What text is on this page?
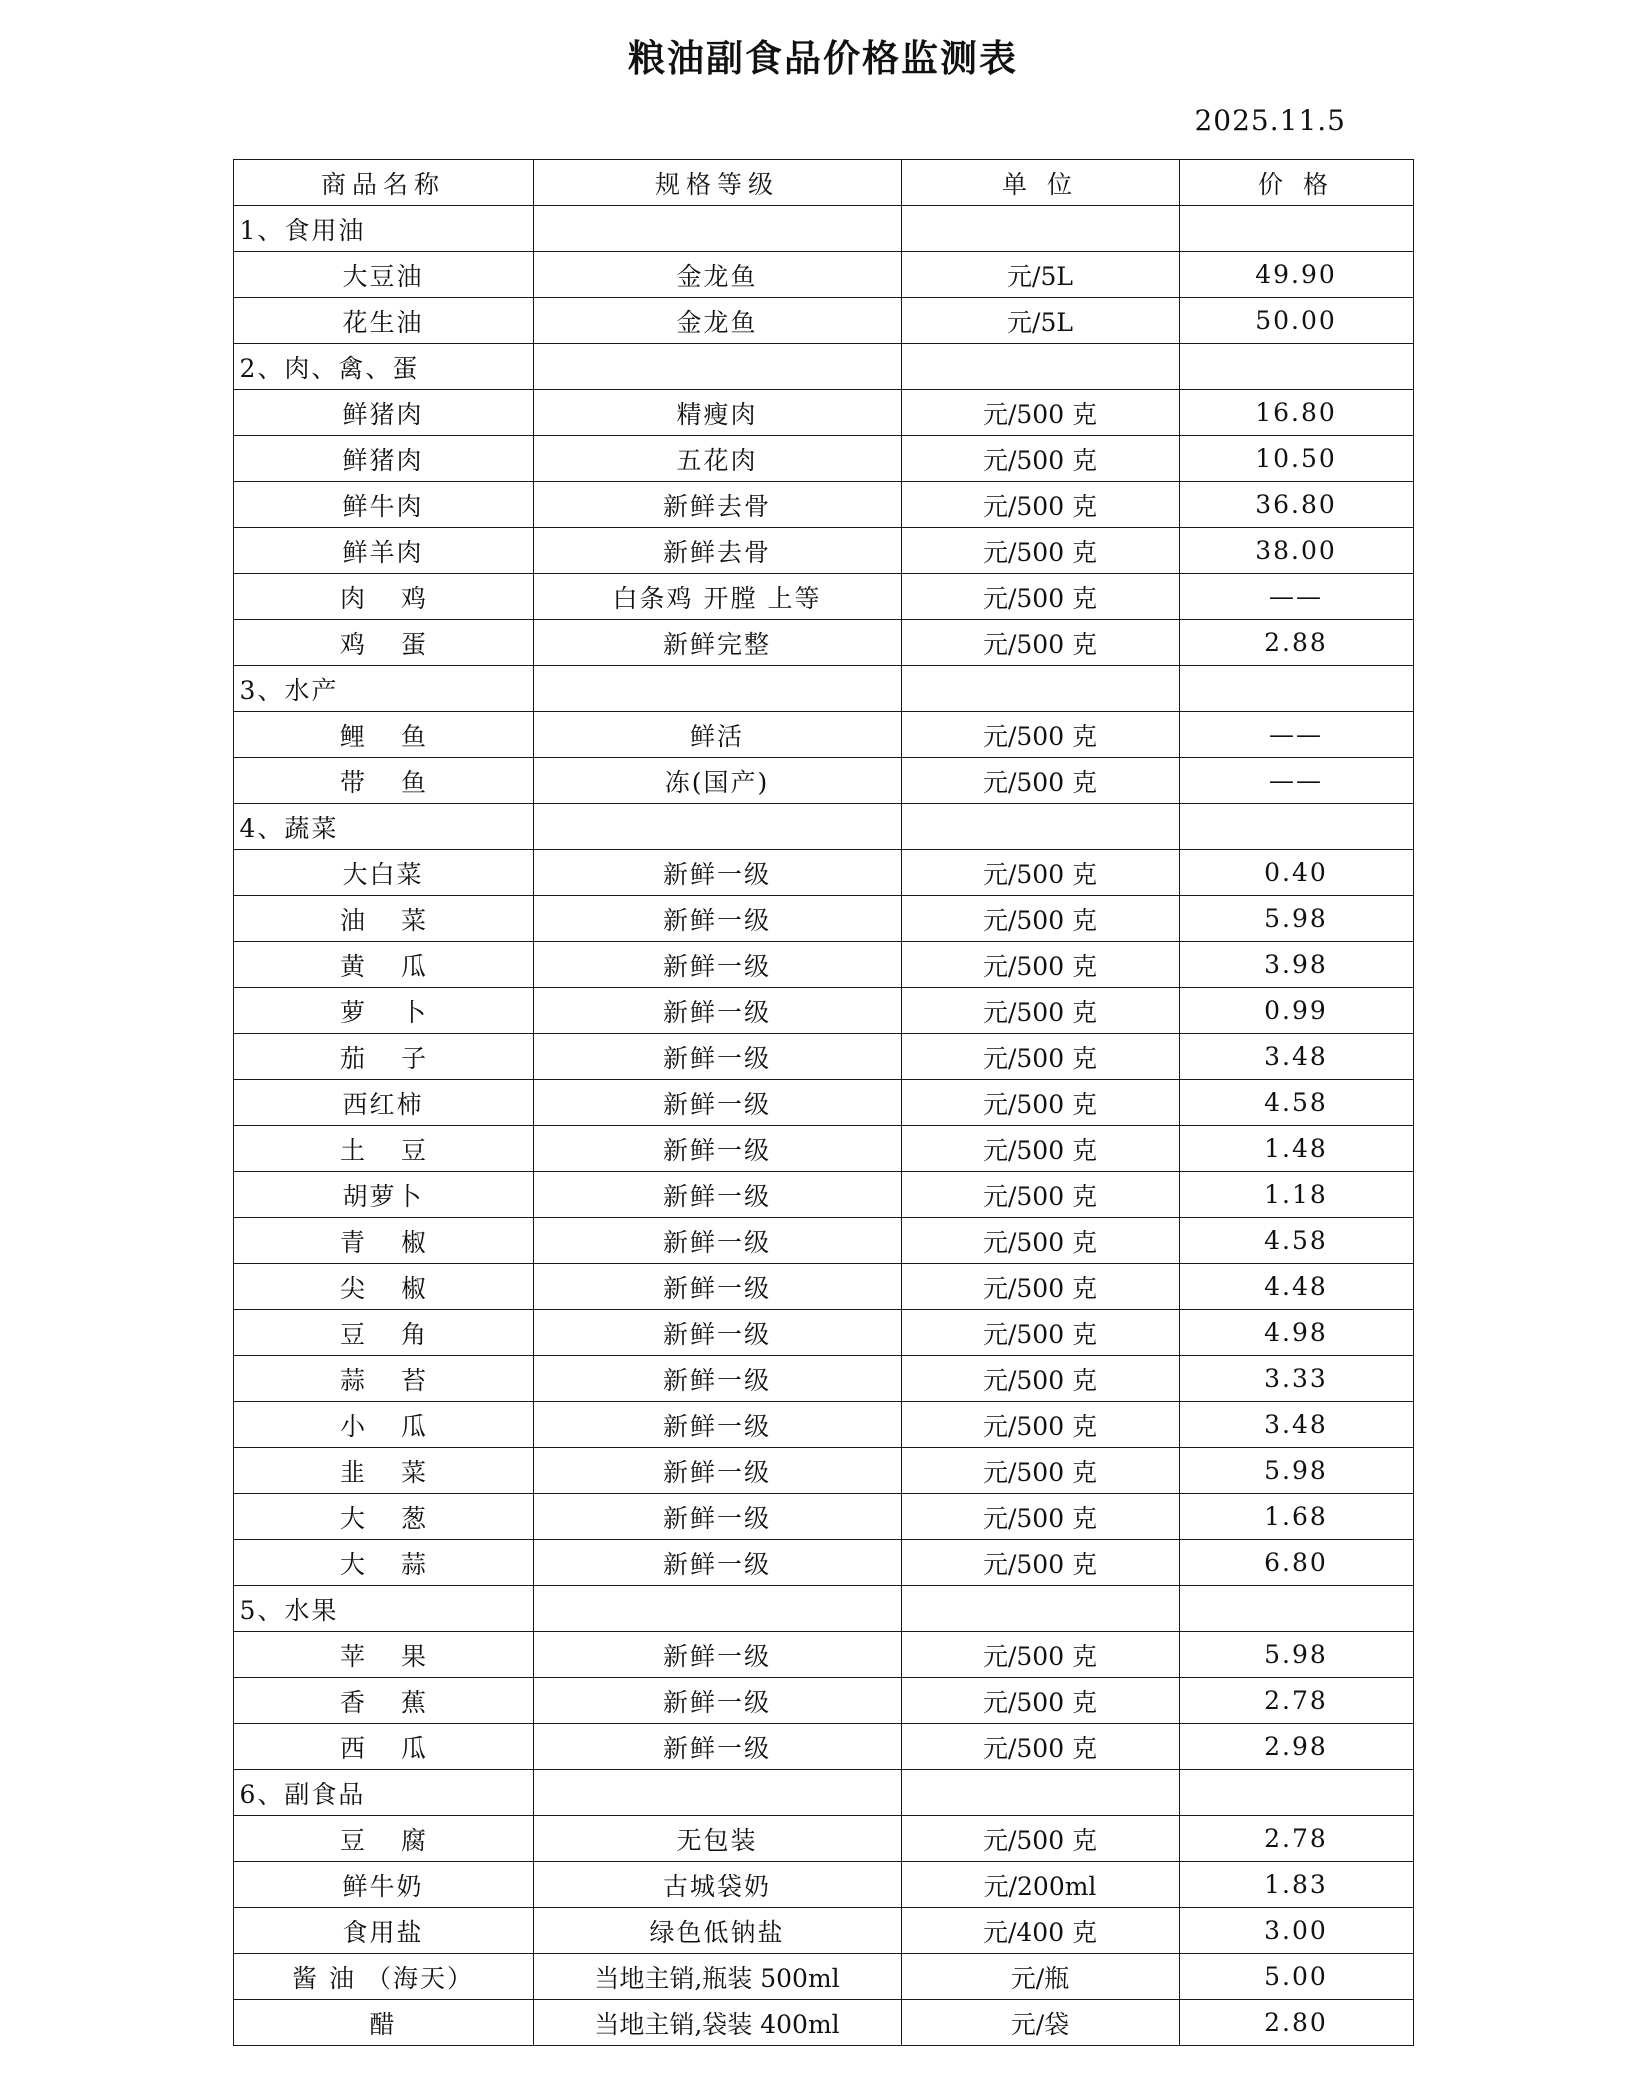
粮油副食品价格监测表
2025.11.5
商品名称	规格等级	单 位	价 格
1、食用油			
大豆油	金龙鱼	元/5L	49.90
花生油	金龙鱼	元/5L	50.00
2、肉、禽、蛋			
鲜猪肉	精瘦肉	元/500 克	16.80
鲜猪肉	五花肉	元/500 克	10.50
鲜牛肉	新鲜去骨	元/500 克	36.80
鲜羊肉	新鲜去骨	元/500 克	38.00
肉 鸡	白条鸡 开膛 上等	元/500 克	——
鸡 蛋	新鲜完整	元/500 克	2.88
3、水产			
鲤 鱼	鲜活	元/500 克	——
带 鱼	冻(国产)	元/500 克	——
4、蔬菜			
大白菜	新鲜一级	元/500 克	0.40
油 菜	新鲜一级	元/500 克	5.98
黄 瓜	新鲜一级	元/500 克	3.98
萝 卜	新鲜一级	元/500 克	0.99
茄 子	新鲜一级	元/500 克	3.48
西红柿	新鲜一级	元/500 克	4.58
土 豆	新鲜一级	元/500 克	1.48
胡萝卜	新鲜一级	元/500 克	1.18
青 椒	新鲜一级	元/500 克	4.58
尖 椒	新鲜一级	元/500 克	4.48
豆 角	新鲜一级	元/500 克	4.98
蒜 苔	新鲜一级	元/500 克	3.33
小 瓜	新鲜一级	元/500 克	3.48
韭 菜	新鲜一级	元/500 克	5.98
大 葱	新鲜一级	元/500 克	1.68
大 蒜	新鲜一级	元/500 克	6.80
5、水果			
苹 果	新鲜一级	元/500 克	5.98
香 蕉	新鲜一级	元/500 克	2.78
西 瓜	新鲜一级	元/500 克	2.98
6、副食品			
豆 腐	无包装	元/500 克	2.78
鲜牛奶	古城袋奶	元/200ml	1.83
食用盐	绿色低钠盐	元/400 克	3.00
酱 油 （海天）	当地主销,瓶装 500ml	元/瓶	5.00
醋	当地主销,袋装 400ml	元/袋	2.80
